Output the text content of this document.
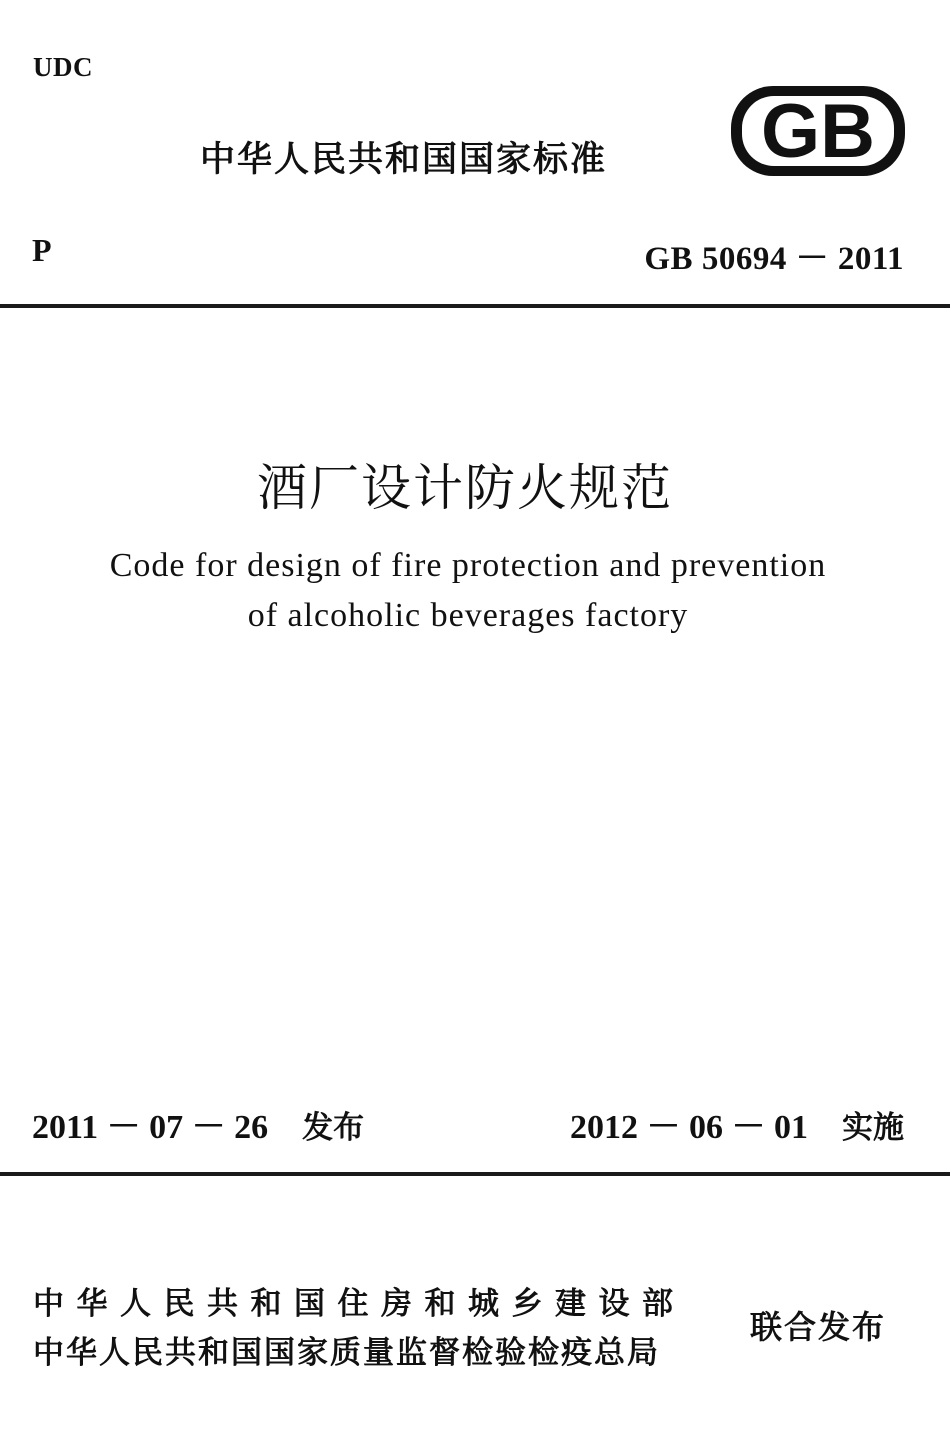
UDC
中华人民共和国国家标准 GB
P	GB 50694 － 2011
酒厂设计防火规范
Code for design of fire protection and prevention
of alcoholic beverages factory
2011 － 07 － 26 发布	2012 － 06 － 01 实施
中华人民共和国住房和城乡建设部
中华人民共和国国家质量监督检验检疫总局
联合发布
